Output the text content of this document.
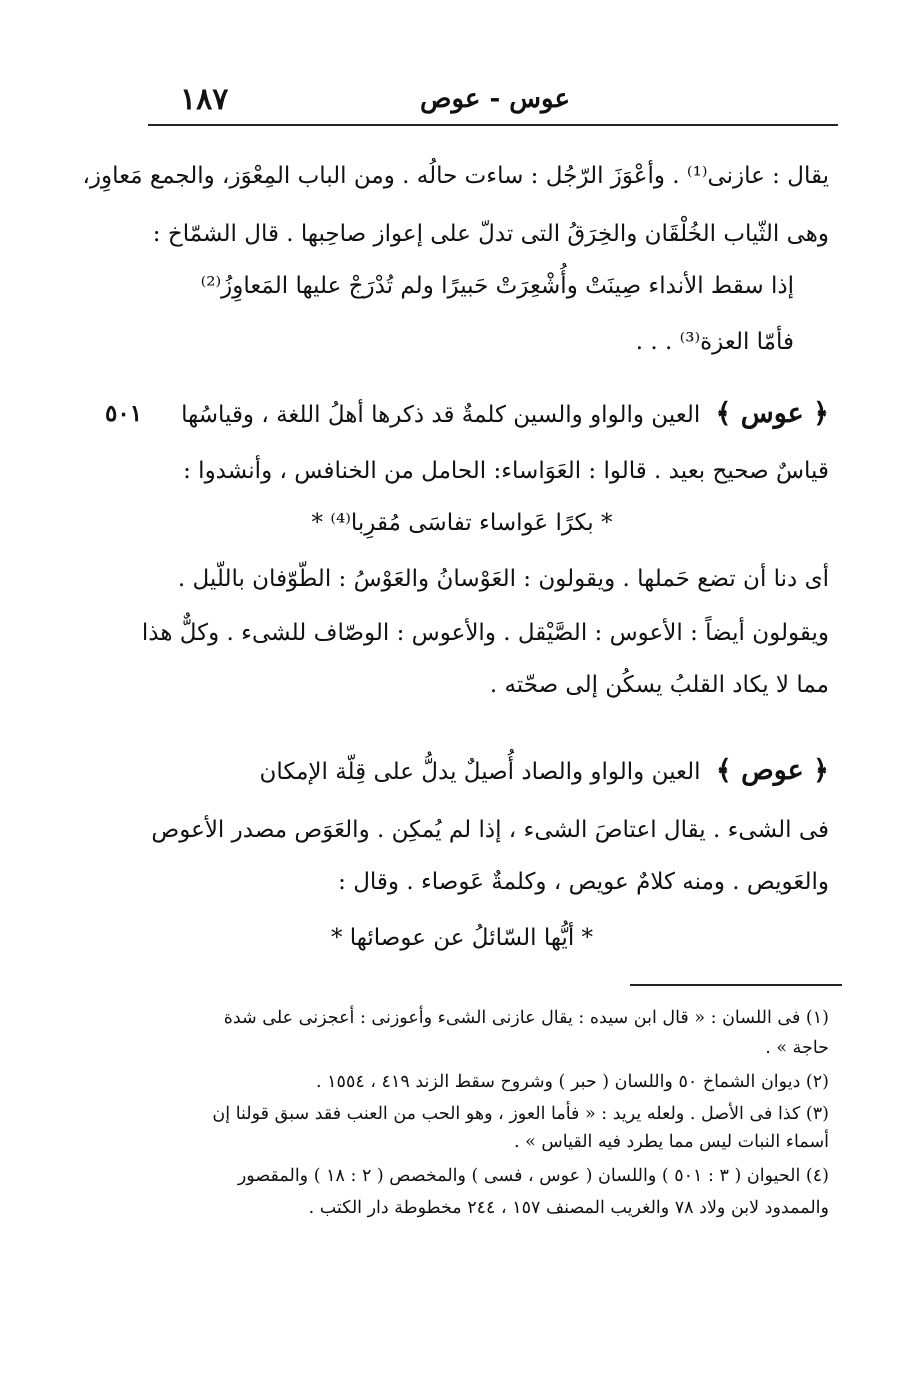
١٨٧	عوس - عوص
يقال : عازنى⁽¹⁾ . وأعْوَزَ الرّجُل : ساءت حالُه . ومن الباب المِعْوَز، والجمع مَعاوِز،
وهى الثّياب الخُلْقَان والخِرَقُ التى تدلّ على إعواز صاحِبها . قال الشمّاخ :
إذا سقط الأنداء صِينَتْ وأُشْعِرَتْ حَبيرًا ولم تُدْرَجْ عليها المَعاوِزُ⁽²⁾
فأمّا العزة⁽³⁾ . . .
﴿ عوس ﴾ العين والواو والسين كلمةٌ قد ذكرها أهلُ اللغة ، وقياسُها
٥٠١
قياسٌ صحيح بعيد . قالوا : العَوَاساء: الحامل من الخنافس ، وأنشدوا :
* بكرًا عَواساء تفاسَى مُقرِبا⁽⁴⁾ *
أى دنا أن تضع حَملها . ويقولون : العَوْسانُ والعَوْسُ : الطّوّفان باللّيل .
ويقولون أيضاً : الأعوس : الصَّيْقل . والأعوس : الوصّاف للشىء . وكلٌّ هذا
مما لا يكاد القلبُ يسكُن إلى صحّته .
﴿ عوص ﴾ العين والواو والصاد أُصيلٌ يدلُّ على قِلّة الإمكان
فى الشىء . يقال اعتاصَ الشىء ، إذا لم يُمكِن . والعَوَص مصدر الأعوص
والعَويص . ومنه كلامٌ عويص ، وكلمةٌ عَوصاء . وقال :
* أيُّها السّائلُ عن عوصائها *
(١) فى اللسان : « قال ابن سيده : يقال عازنى الشىء وأعوزنى : أعجزنى على شدة
حاجة » .
(٢) ديوان الشماخ ٥٠ واللسان ( حبر ) وشروح سقط الزند ٤١٩ ، ١٥٥٤ .
(٣) كذا فى الأصل . ولعله يريد : « فأما العوز ، وهو الحب من العنب فقد سبق قولنا إن
أسماء النبات ليس مما يطرد فيه القياس » .
(٤) الحيوان ( ٣ : ٥٠١ ) واللسان ( عوس ، فسى ) والمخصص ( ٢ : ١٨ ) والمقصور
والممدود لابن ولاد ٧٨ والغريب المصنف ١٥٧ ، ٢٤٤ مخطوطة دار الكتب .
